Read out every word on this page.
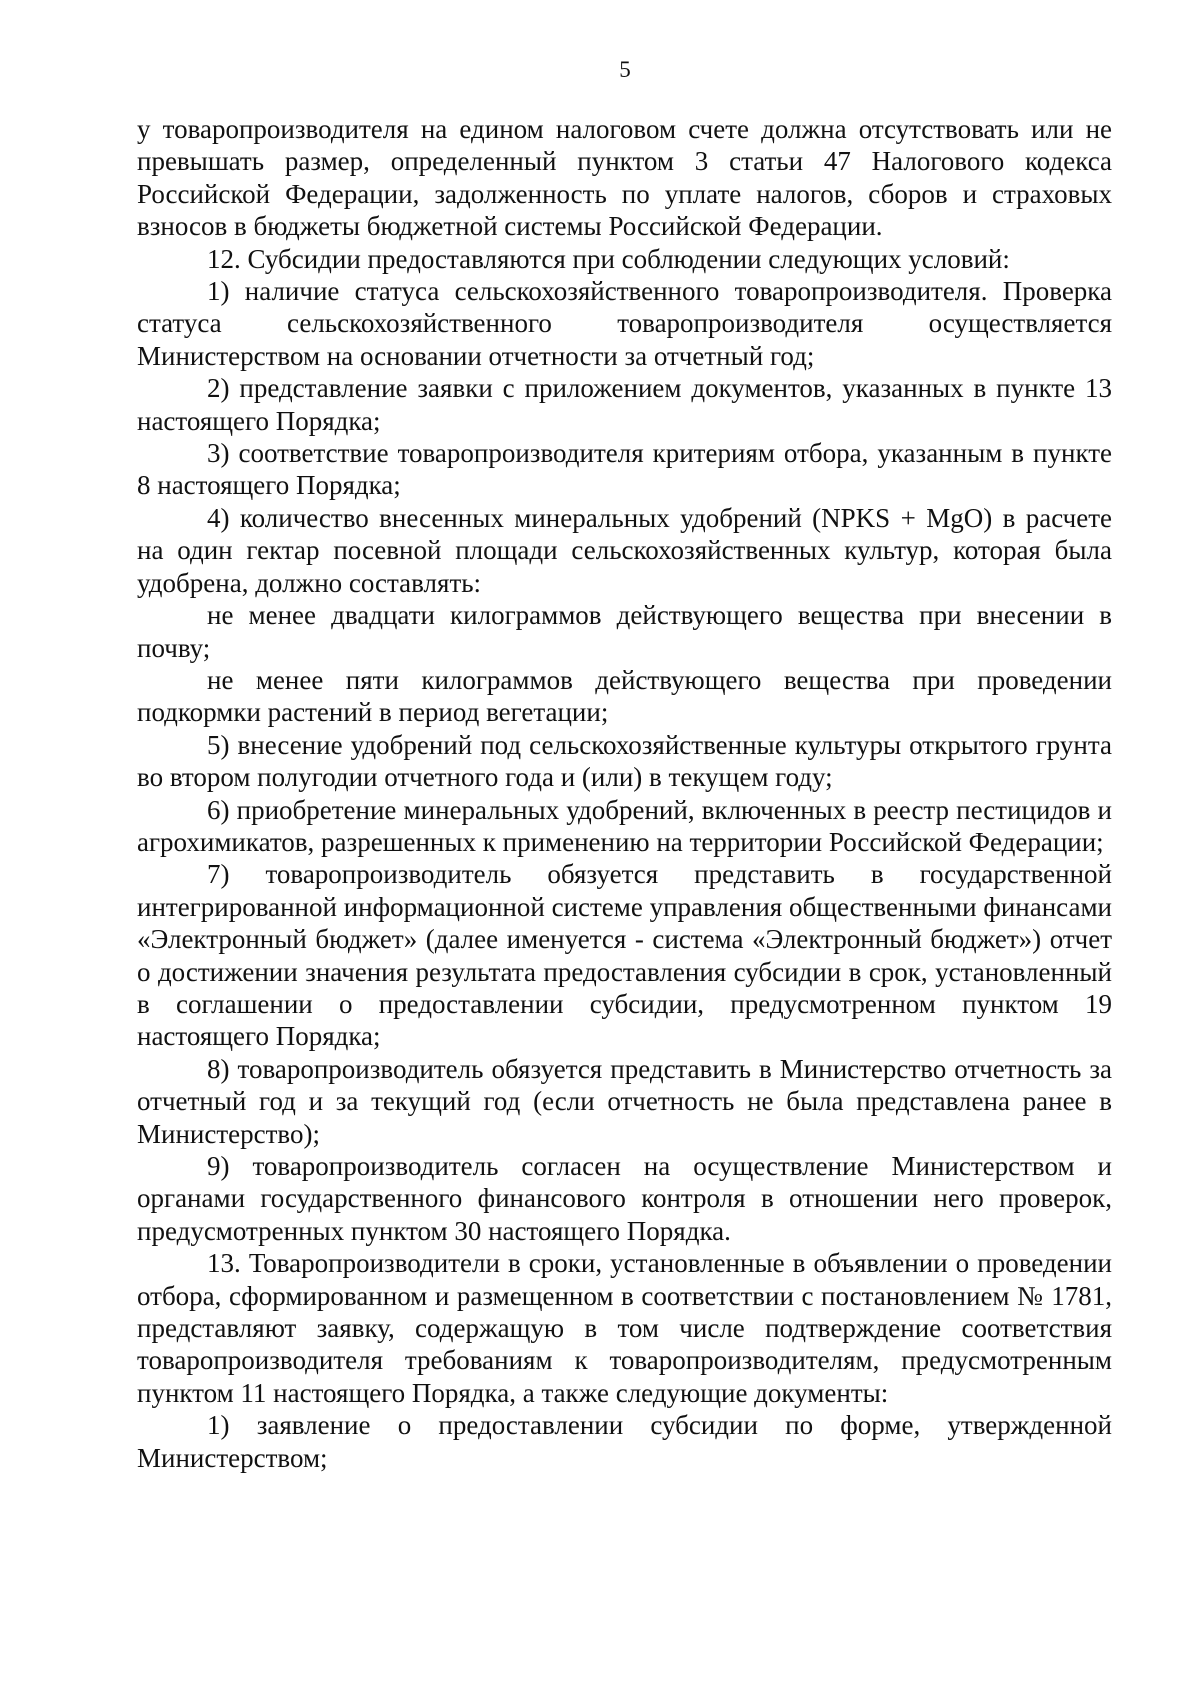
5

у товаропроизводителя на едином налоговом счете должна отсутствовать или не превышать размер, определенный пунктом 3 статьи 47 Налогового кодекса Российской Федерации, задолженность по уплате налогов, сборов и страховых взносов в бюджеты бюджетной системы Российской Федерации.

12. Субсидии предоставляются при соблюдении следующих условий:

1) наличие статуса сельскохозяйственного товаропроизводителя. Проверка статуса сельскохозяйственного товаропроизводителя осуществляется Министерством на основании отчетности за отчетный год;

2) представление заявки с приложением документов, указанных в пункте 13 настоящего Порядка;

3) соответствие товаропроизводителя критериям отбора, указанным в пункте 8 настоящего Порядка;

4) количество внесенных минеральных удобрений (NPKS + MgO) в расчете на один гектар посевной площади сельскохозяйственных культур, которая была удобрена, должно составлять:

не менее двадцати килограммов действующего вещества при внесении в почву;

не менее пяти килограммов действующего вещества при проведении подкормки растений в период вегетации;

5) внесение удобрений под сельскохозяйственные культуры открытого грунта во втором полугодии отчетного года и (или) в текущем году;

6) приобретение минеральных удобрений, включенных в реестр пестицидов и агрохимикатов, разрешенных к применению на территории Российской Федерации;

7) товаропроизводитель обязуется представить в государственной интегрированной информационной системе управления общественными финансами «Электронный бюджет» (далее именуется - система «Электронный бюджет») отчет о достижении значения результата предоставления субсидии в срок, установленный в соглашении о предоставлении субсидии, предусмотренном пунктом 19 настоящего Порядка;

8) товаропроизводитель обязуется представить в Министерство отчетность за отчетный год и за текущий год (если отчетность не была представлена ранее в Министерство);

9) товаропроизводитель согласен на осуществление Министерством и органами государственного финансового контроля в отношении него проверок, предусмотренных пунктом 30 настоящего Порядка.

13. Товаропроизводители в сроки, установленные в объявлении о проведении отбора, сформированном и размещенном в соответствии с постановлением № 1781, представляют заявку, содержащую в том числе подтверждение соответствия товаропроизводителя требованиям к товаропроизводителям, предусмотренным пунктом 11 настоящего Порядка, а также следующие документы:

1) заявление о предоставлении субсидии по форме, утвержденной Министерством;
